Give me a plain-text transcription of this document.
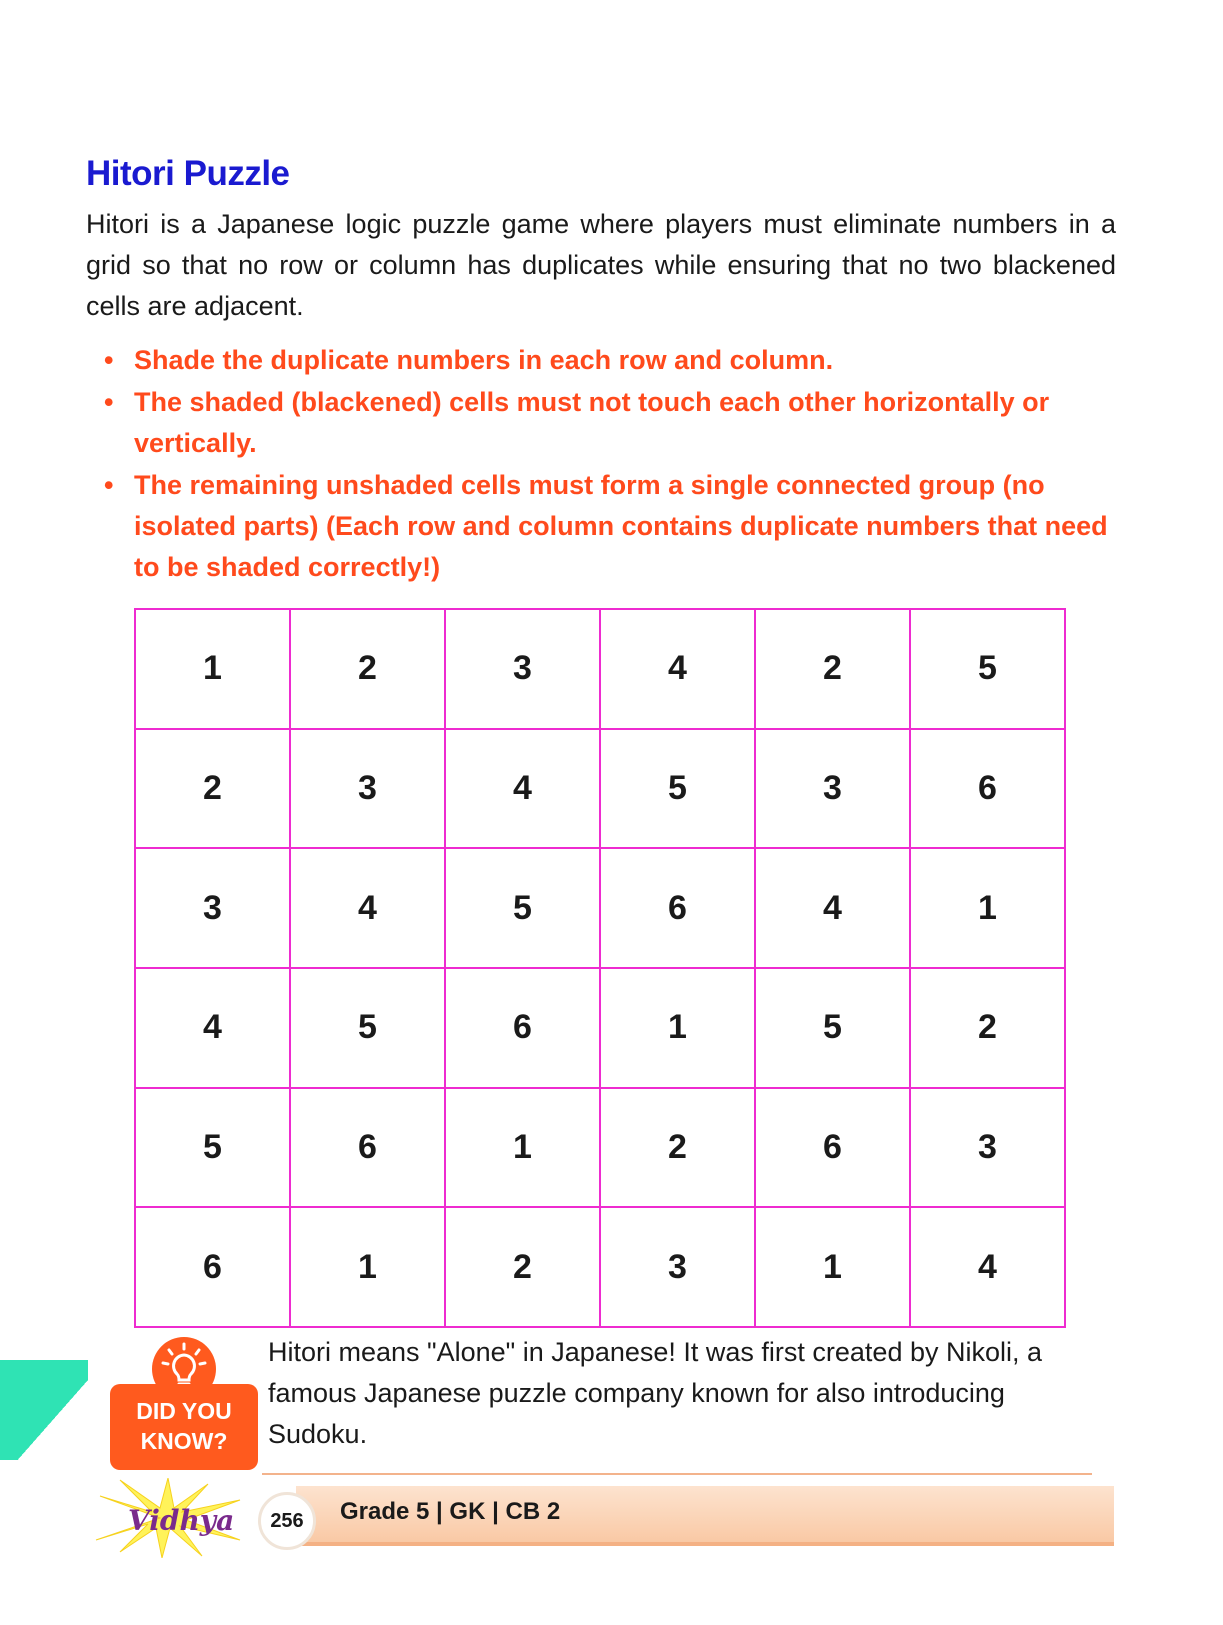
Hitori Puzzle
Hitori is a Japanese logic puzzle game where players must eliminate numbers in a grid so that no row or column has duplicates while ensuring that no two blackened cells are adjacent.
• Shade the duplicate numbers in each row and column.
• The shaded (blackened) cells must not touch each other horizontally or vertically.
• The remaining unshaded cells must form a single connected group (no isolated parts) (Each row and column contains duplicate numbers that need to be shaded correctly!)
1	2	3	4	2	5
2	3	4	5	3	6
3	4	5	6	4	1
4	5	6	1	5	2
5	6	1	2	6	3
6	1	2	3	1	4
DID YOU
KNOW?
Hitori means "Alone" in Japanese! It was first created by Nikoli, a famous Japanese puzzle company known for also introducing Sudoku.
Vidhya	256	Grade 5 | GK | CB 2
